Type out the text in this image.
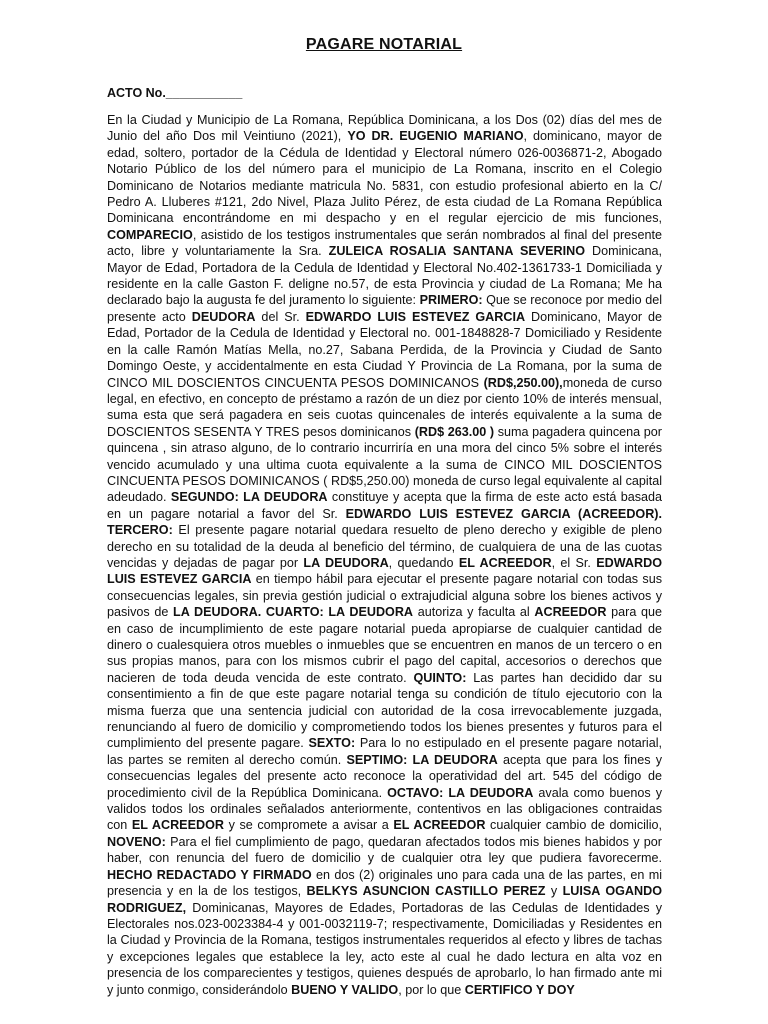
PAGARE NOTARIAL
ACTO No.___________
En la Ciudad y Municipio de La Romana, República Dominicana, a los Dos (02) días del mes de Junio del año Dos mil Veintiuno (2021), YO DR. EUGENIO MARIANO, dominicano, mayor de edad, soltero, portador de la Cédula de Identidad y Electoral número 026-0036871-2, Abogado Notario Público de los del número para el municipio de La Romana, inscrito en el Colegio Dominicano de Notarios mediante matricula No. 5831, con estudio profesional abierto en la C/ Pedro A. Lluberes #121, 2do Nivel, Plaza Julito Pérez, de esta ciudad de La Romana República Dominicana encontrándome en mi despacho y en el regular ejercicio de mis funciones, COMPARECIO, asistido de los testigos instrumentales que serán nombrados al final del presente acto, libre y voluntariamente la Sra. ZULEICA ROSALIA SANTANA SEVERINO Dominicana, Mayor de Edad, Portadora de la Cedula de Identidad y Electoral No.402-1361733-1 Domiciliada y residente en la calle Gaston F. deligne no.57, de esta Provincia y ciudad de La Romana; Me ha declarado bajo la augusta fe del juramento lo siguiente: PRIMERO: Que se reconoce por medio del presente acto DEUDORA del Sr. EDWARDO LUIS ESTEVEZ GARCIA Dominicano, Mayor de Edad, Portador de la Cedula de Identidad y Electoral no. 001-1848828-7 Domiciliado y Residente en la calle Ramón Matías Mella, no.27, Sabana Perdida, de la Provincia y Ciudad de Santo Domingo Oeste, y accidentalmente en esta Ciudad Y Provincia de La Romana, por la suma de CINCO MIL DOSCIENTOS CINCUENTA PESOS DOMINICANOS (RD$,250.00),moneda de curso legal, en efectivo, en concepto de préstamo a razón de un diez por ciento 10% de interés mensual, suma esta que será pagadera en seis cuotas quincenales de interés equivalente a la suma de DOSCIENTOS SESENTA Y TRES pesos dominicanos (RD$ 263.00 ) suma pagadera quincena por quincena , sin atraso alguno, de lo contrario incurriría en una mora del cinco 5% sobre el interés vencido acumulado y una ultima cuota equivalente a la suma de CINCO MIL DOSCIENTOS CINCUENTA PESOS DOMINICANOS ( RD$5,250.00) moneda de curso legal equivalente al capital adeudado. SEGUNDO: LA DEUDORA constituye y acepta que la firma de este acto está basada en un pagare notarial a favor del Sr. EDWARDO LUIS ESTEVEZ GARCIA (ACREEDOR). TERCERO: El presente pagare notarial quedara resuelto de pleno derecho y exigible de pleno derecho en su totalidad de la deuda al beneficio del término, de cualquiera de una de las cuotas vencidas y dejadas de pagar por LA DEUDORA, quedando EL ACREEDOR, el Sr. EDWARDO LUIS ESTEVEZ GARCIA en tiempo hábil para ejecutar el presente pagare notarial con todas sus consecuencias legales, sin previa gestión judicial o extrajudicial alguna sobre los bienes activos y pasivos de LA DEUDORA. CUARTO: LA DEUDORA autoriza y faculta al ACREEDOR para que en caso de incumplimiento de este pagare notarial pueda apropiarse de cualquier cantidad de dinero o cualesquiera otros muebles o inmuebles que se encuentren en manos de un tercero o en sus propias manos, para con los mismos cubrir el pago del capital, accesorios o derechos que nacieren de toda deuda vencida de este contrato. QUINTO: Las partes han decidido dar su consentimiento a fin de que este pagare notarial tenga su condición de título ejecutorio con la misma fuerza que una sentencia judicial con autoridad de la cosa irrevocablemente juzgada, renunciando al fuero de domicilio y comprometiendo todos los bienes presentes y futuros para el cumplimiento del presente pagare. SEXTO: Para lo no estipulado en el presente pagare notarial, las partes se remiten al derecho común. SEPTIMO: LA DEUDORA acepta que para los fines y consecuencias legales del presente acto reconoce la operatividad del art. 545 del código de procedimiento civil de la República Dominicana. OCTAVO: LA DEUDORA avala como buenos y validos todos los ordinales señalados anteriormente, contentivos en las obligaciones contraidas con EL ACREEDOR y se compromete a avisar a EL ACREEDOR cualquier cambio de domicilio, NOVENO: Para el fiel cumplimiento de pago, quedaran afectados todos mis bienes habidos y por haber, con renuncia del fuero de domicilio y de cualquier otra ley que pudiera favorecerme. HECHO REDACTADO Y FIRMADO en dos (2) originales uno para cada una de las partes, en mi presencia y en la de los testigos, BELKYS ASUNCION CASTILLO PEREZ y LUISA OGANDO RODRIGUEZ, Dominicanas, Mayores de Edades, Portadoras de las Cedulas de Identidades y Electorales nos.023-0023384-4 y 001-0032119-7; respectivamente, Domiciliadas y Residentes en la Ciudad y Provincia de la Romana, testigos instrumentales requeridos al efecto y libres de tachas y excepciones legales que establece la ley, acto este al cual he dado lectura en alta voz en presencia de los comparecientes y testigos, quienes después de aprobarlo, lo han firmado ante mi y junto conmigo, considerándolo BUENO Y VALIDO, por lo que CERTIFICO Y DOY
